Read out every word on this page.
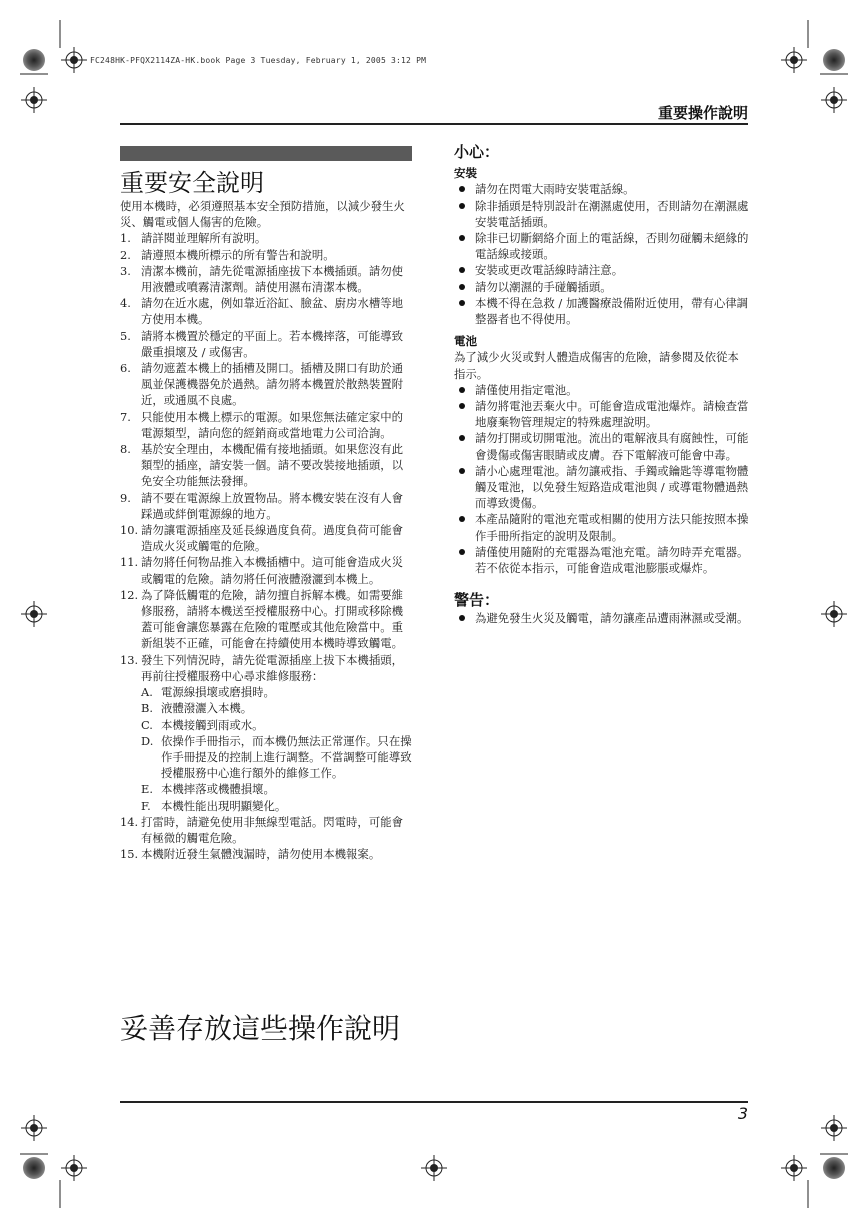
FC248HK-PFQX2114ZA-HK.book Page 3 Tuesday, February 1, 2005 3:12 PM
重要操作說明
重要安全說明

使用本機時，必須遵照基本安全預防措施，以減少發生火災、觸電或個人傷害的危險。

1. 請詳閱並理解所有說明。
2. 請遵照本機所標示的所有警告和說明。
3. 清潔本機前，請先從電源插座拔下本機插頭。請勿使用液體或噴霧清潔劑。請使用濕布清潔本機。
4. 請勿在近水處，例如靠近浴缸、臉盆、廚房水槽等地方使用本機。
5. 請將本機置於穩定的平面上。若本機摔落，可能導致嚴重損壞及 / 或傷害。
6. 請勿遮蓋本機上的插槽及開口。插槽及開口有助於通風並保護機器免於過熱。請勿將本機置於散熱裝置附近，或通風不良處。
7. 只能使用本機上標示的電源。如果您無法確定家中的電源類型，請向您的經銷商或當地電力公司洽詢。
8. 基於安全理由，本機配備有接地插頭。如果您沒有此類型的插座，請安裝一個。請不要改裝接地插頭，以免安全功能無法發揮。
9. 請不要在電源線上放置物品。將本機安裝在沒有人會踩過或絆倒電源線的地方。
10. 請勿讓電源插座及延長線過度負荷。過度負荷可能會造成火災或觸電的危險。
11. 請勿將任何物品推入本機插槽中。這可能會造成火災或觸電的危險。請勿將任何液體潑灑到本機上。
12. 為了降低觸電的危險，請勿擅自拆解本機。如需要維修服務，請將本機送至授權服務中心。打開或移除機蓋可能會讓您暴露在危險的電壓或其他危險當中。重新組裝不正確，可能會在持續使用本機時導致觸電。
13. 發生下列情況時，請先從電源插座上拔下本機插頭，再前往授權服務中心尋求維修服務：
A. 電源線損壞或磨損時。
B. 液體潑灑入本機。
C. 本機接觸到雨或水。
D. 依操作手冊指示，而本機仍無法正常運作。只在操作手冊提及的控制上進行調整。不當調整可能導致授權服務中心進行額外的維修工作。
E. 本機摔落或機體損壞。
F. 本機性能出現明顯變化。
14. 打雷時，請避免使用非無線型電話。閃電時，可能會有極微的觸電危險。
15. 本機附近發生氣體洩漏時，請勿使用本機報案。
妥善存放這些操作說明

小心：

安裝

請勿在閃電大雨時安裝電話線。
除非插頭是特別設計在潮濕處使用，否則請勿在潮濕處安裝電話插頭。
除非已切斷網絡介面上的電話線，否則勿碰觸未絕緣的電話線或接頭。
安裝或更改電話線時請注意。
請勿以潮濕的手碰觸插頭。
本機不得在急救 / 加護醫療設備附近使用，帶有心律調整器者也不得使用。

電池

為了減少火災或對人體造成傷害的危險，請參閱及依從本指示。

請僅使用指定電池。
請勿將電池丟棄火中。可能會造成電池爆炸。請檢查當地廢棄物管理規定的特殊處理說明。
請勿打開或切開電池。流出的電解液具有腐蝕性，可能會燙傷或傷害眼睛或皮膚。吞下電解液可能會中毒。
請小心處理電池。請勿讓戒指、手鐲或鑰匙等導電物體觸及電池，以免發生短路造成電池與 / 或導電物體過熱而導致燙傷。
本產品隨附的電池充電或相關的使用方法只能按照本操作手冊所指定的說明及限制。
請僅使用隨附的充電器為電池充電。請勿時弄充電器。若不依從本指示，可能會造成電池膨脹或爆炸。

警告：

為避免發生火災及觸電，請勿讓產品遭雨淋濕或受潮。
3
